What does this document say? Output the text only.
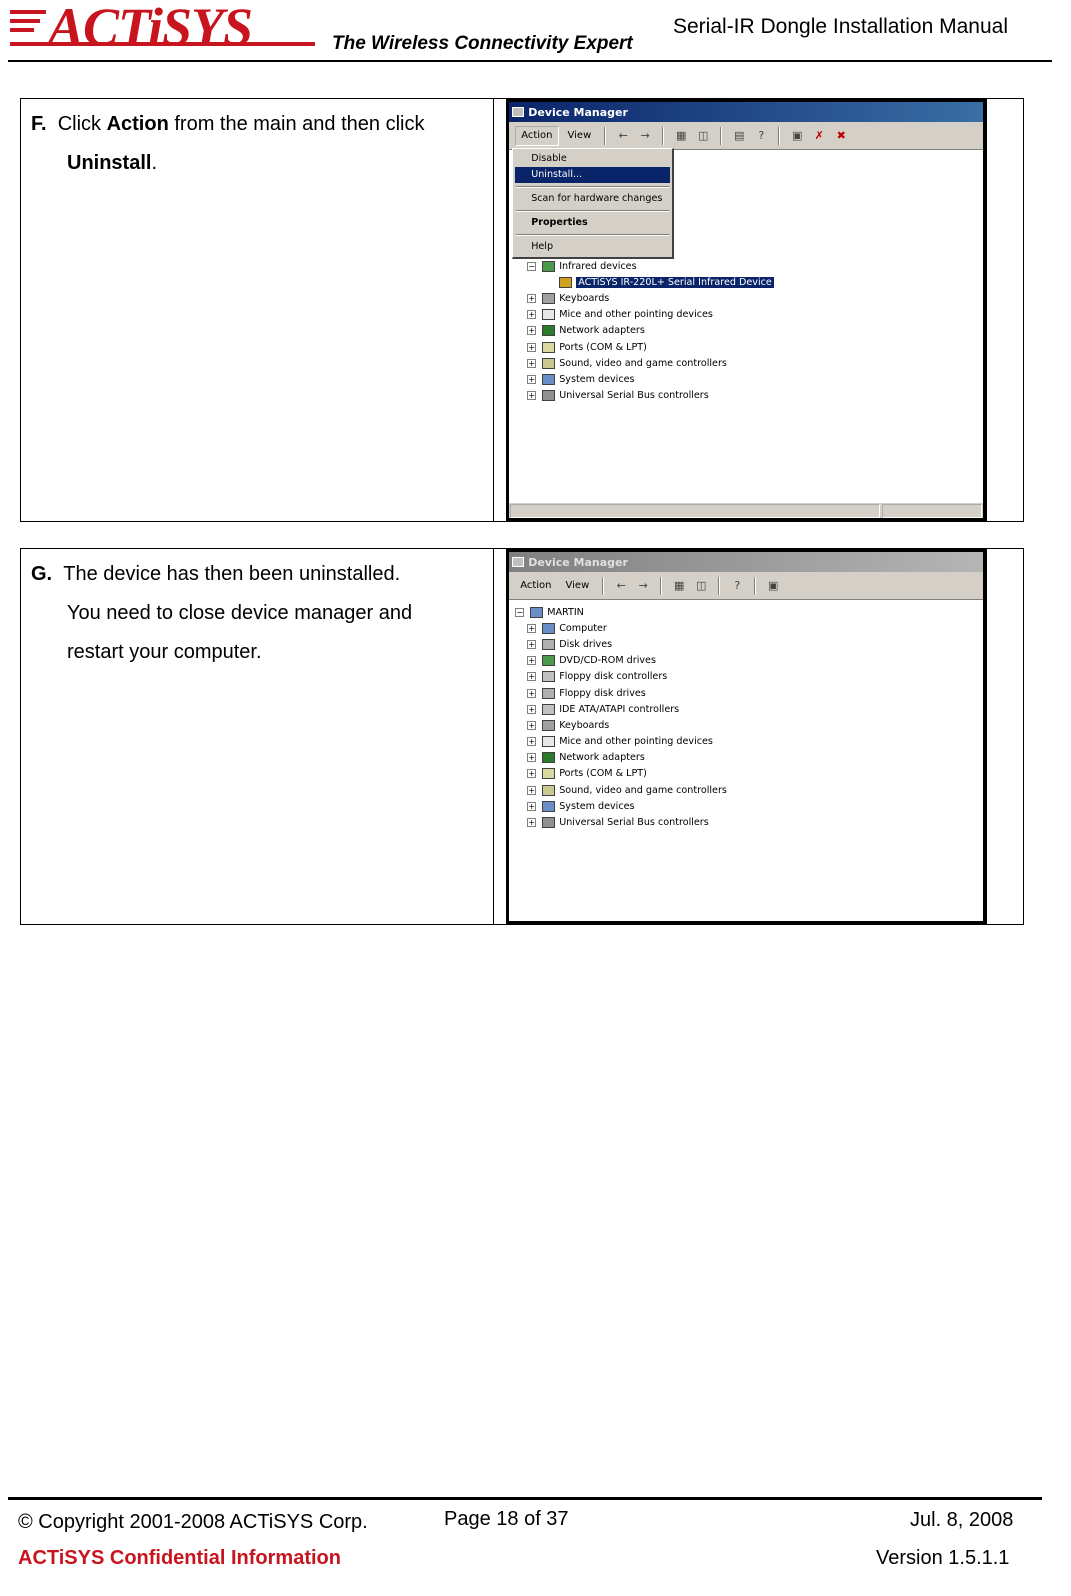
ACTiSYS	The Wireless Connectivity Expert
Serial-IR Dongle Installation Manual
F. Click Action from the main and then click
Uninstall.

Device Manager
Action	View	←	→	▦	◫	▤	?	▣	✗	✖
Disable
Uninstall...
Scan for hardware changes
Properties
Help
−	Infrared devices
ACTiSYS IR-220L+ Serial Infrared Device
+	Keyboards
+	Mice and other pointing devices
+	Network adapters
+	Ports (COM & LPT)
+	Sound, video and game controllers
+	System devices
+	Universal Serial Bus controllers

G. The device has then been uninstalled.
You need to close device manager and
restart your computer.

Device Manager
Action	View	←	→	▦	◫	?	▣
−	MARTIN
+	Computer
+	Disk drives
+	DVD/CD-ROM drives
+	Floppy disk controllers
+	Floppy disk drives
+	IDE ATA/ATAPI controllers
+	Keyboards
+	Mice and other pointing devices
+	Network adapters
+	Ports (COM & LPT)
+	Sound, video and game controllers
+	System devices
+	Universal Serial Bus controllers

© Copyright 2001-2008 ACTiSYS Corp.	Page 18 of 37	Jul. 8, 2008
ACTiSYS Confidential Information	Version 1.5.1.1
